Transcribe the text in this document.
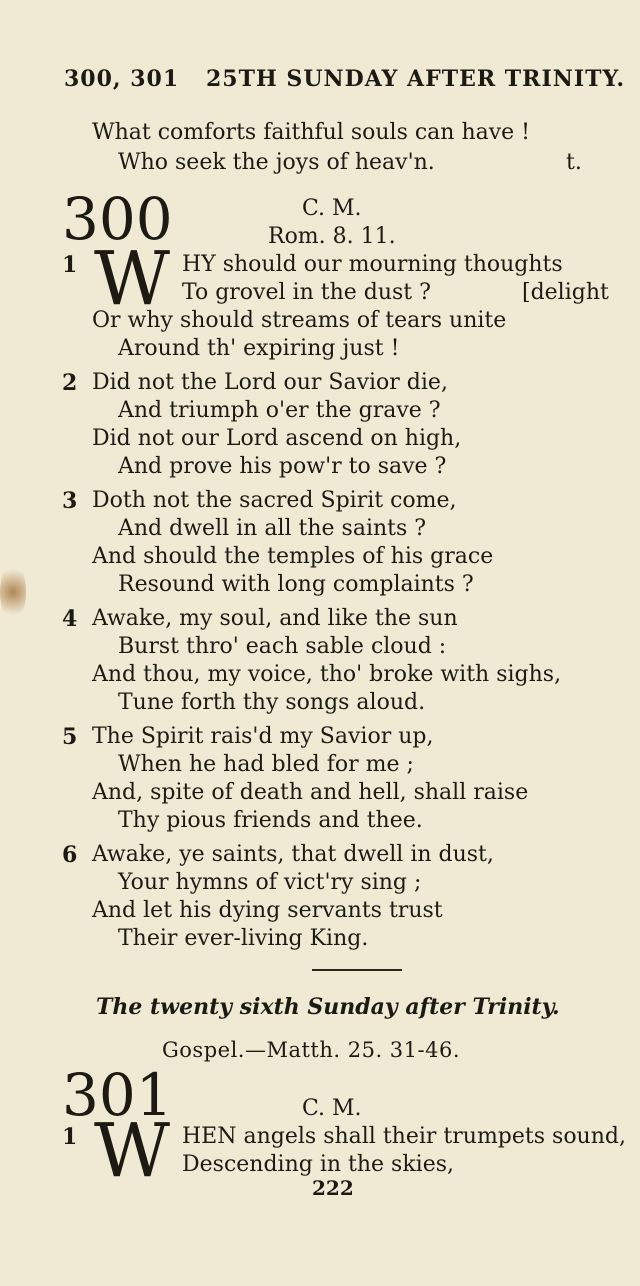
300, 301 25TH SUNDAY AFTER TRINITY.
What comforts faithful souls can have !
Who seek the joys of heav'n.	t.
300	C. M.
Rom. 8. 11.
1 W HY should our mourning thoughts
To grovel in the dust ?	[delight
Or why should streams of tears unite
Around th' expiring just !
2 Did not the Lord our Savior die,
And triumph o'er the grave ?
Did not our Lord ascend on high,
And prove his pow'r to save ?
3 Doth not the sacred Spirit come,
And dwell in all the saints ?
And should the temples of his grace
Resound with long complaints ?
4 Awake, my soul, and like the sun
Burst thro' each sable cloud :
And thou, my voice, tho' broke with sighs,
Tune forth thy songs aloud.
5 The Spirit rais'd my Savior up,
When he had bled for me ;
And, spite of death and hell, shall raise
Thy pious friends and thee.
6 Awake, ye saints, that dwell in dust,
Your hymns of vict'ry sing ;
And let his dying servants trust
Their ever-living King.
The twenty sixth Sunday after Trinity.
Gospel.—Matth. 25. 31-46.
301	C. M.
1 W HEN angels shall their trumpets sound,
Descending in the skies,
222
